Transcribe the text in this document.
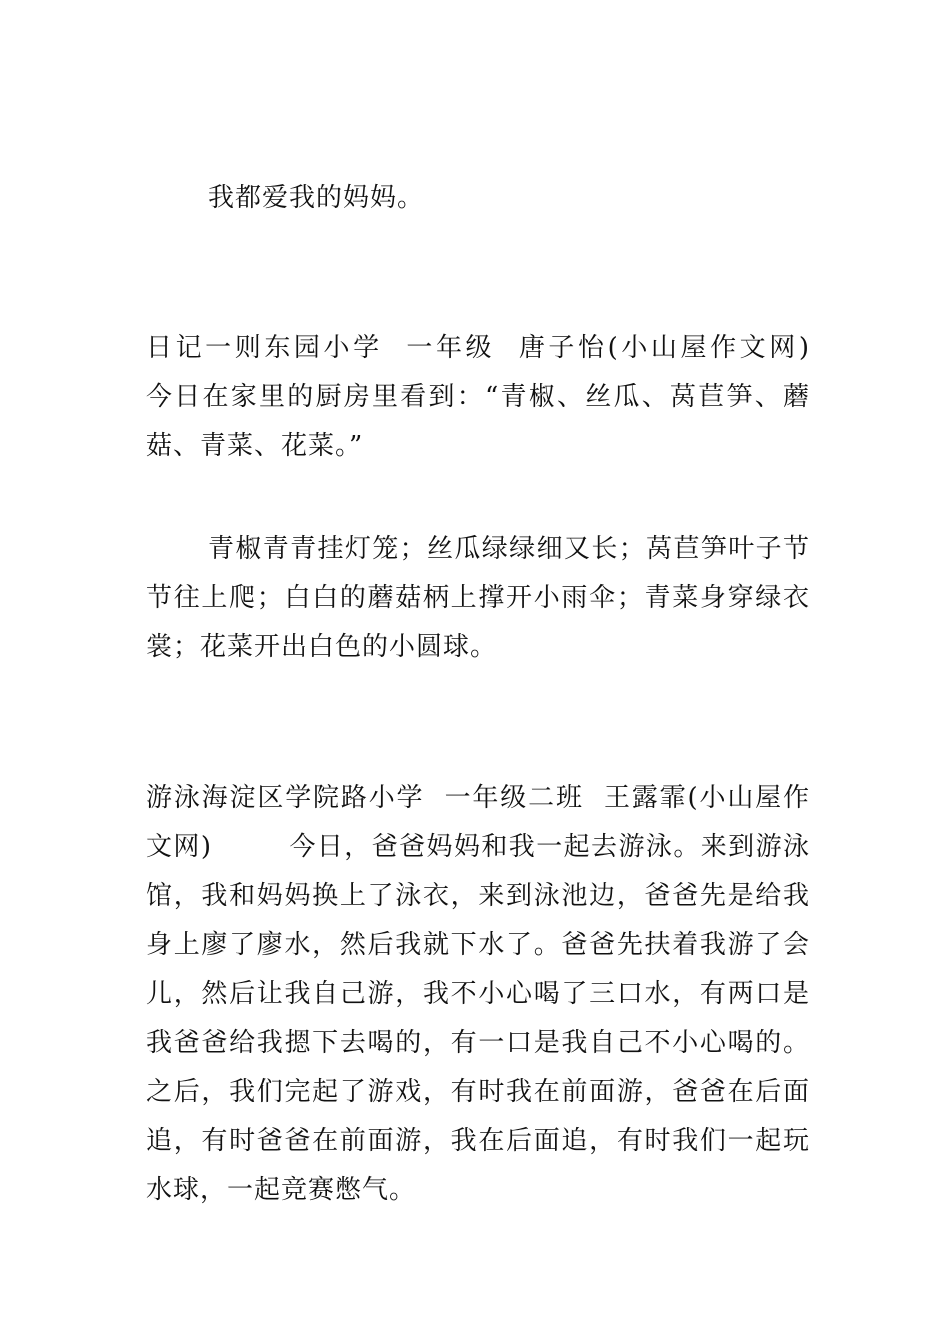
我都爱我的妈妈。

日记一则东园小学  一年级  唐子怡(小山屋作文网)        今日在家里的厨房里看到：“青椒、丝瓜、莴苣笋、蘑菇、青菜、花菜。”

青椒青青挂灯笼；丝瓜绿绿细又长；莴苣笋叶子节节往上爬；白白的蘑菇柄上撑开小雨伞；青菜身穿绿衣裳；花菜开出白色的小圆球。

游泳海淀区学院路小学  一年级二班  王露霏(小山屋作文网)        今日，爸爸妈妈和我一起去游泳。来到游泳馆，我和妈妈换上了泳衣，来到泳池边，爸爸先是给我身上廖了廖水，然后我就下水了。爸爸先扶着我游了会儿，然后让我自己游，我不小心喝了三口水，有两口是我爸爸给我摁下去喝的，有一口是我自己不小心喝的。之后，我们完起了游戏，有时我在前面游，爸爸在后面追，有时爸爸在前面游，我在后面追，有时我们一起玩水球，一起竞赛憋气。
